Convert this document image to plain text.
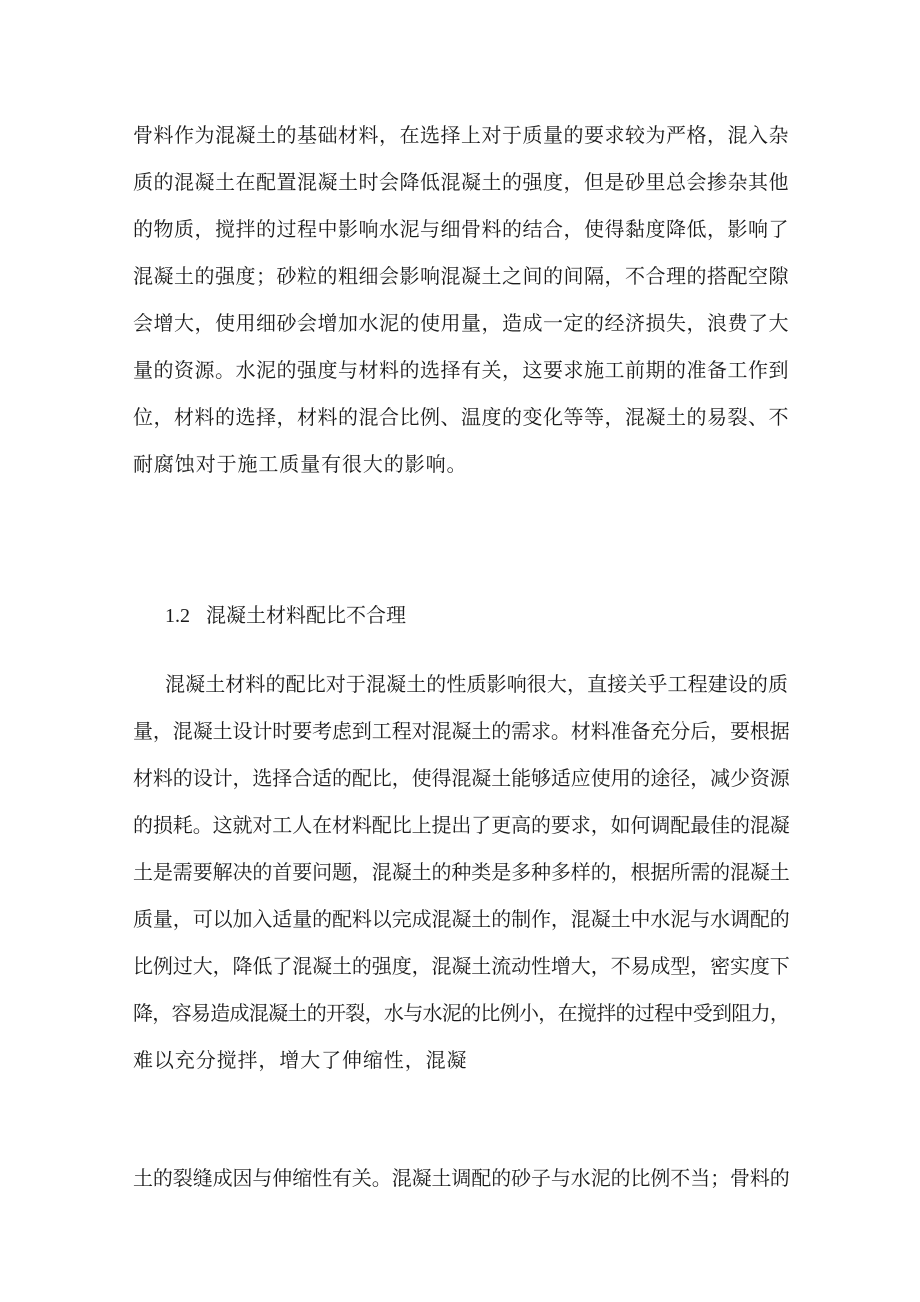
骨料作为混凝土的基础材料，在选择上对于质量的要求较为严格，混入杂
质的混凝土在配置混凝土时会降低混凝土的强度，但是砂里总会掺杂其他
的物质，搅拌的过程中影响水泥与细骨料的结合，使得黏度降低，影响了
混凝土的强度；砂粒的粗细会影响混凝土之间的间隔，不合理的搭配空隙
会增大，使用细砂会增加水泥的使用量，造成一定的经济损失，浪费了大
量的资源。水泥的强度与材料的选择有关，这要求施工前期的准备工作到
位，材料的选择，材料的混合比例、温度的变化等等，混凝土的易裂、不
耐腐蚀对于施工质量有很大的影响。
1.2 混凝土材料配比不合理
混凝土材料的配比对于混凝土的性质影响很大，直接关乎工程建设的质
量，混凝土设计时要考虑到工程对混凝土的需求。材料准备充分后，要根据
材料的设计，选择合适的配比，使得混凝土能够适应使用的途径，减少资源
的损耗。这就对工人在材料配比上提出了更高的要求，如何调配最佳的混凝
土是需要解决的首要问题，混凝土的种类是多种多样的，根据所需的混凝土
质量，可以加入适量的配料以完成混凝土的制作，混凝土中水泥与水调配的
比例过大，降低了混凝土的强度，混凝土流动性增大，不易成型，密实度下
降，容易造成混凝土的开裂，水与水泥的比例小，在搅拌的过程中受到阻力，
难以充分搅拌，增大了伸缩性，混凝
土的裂缝成因与伸缩性有关。混凝土调配的砂子与水泥的比例不当；骨料的
